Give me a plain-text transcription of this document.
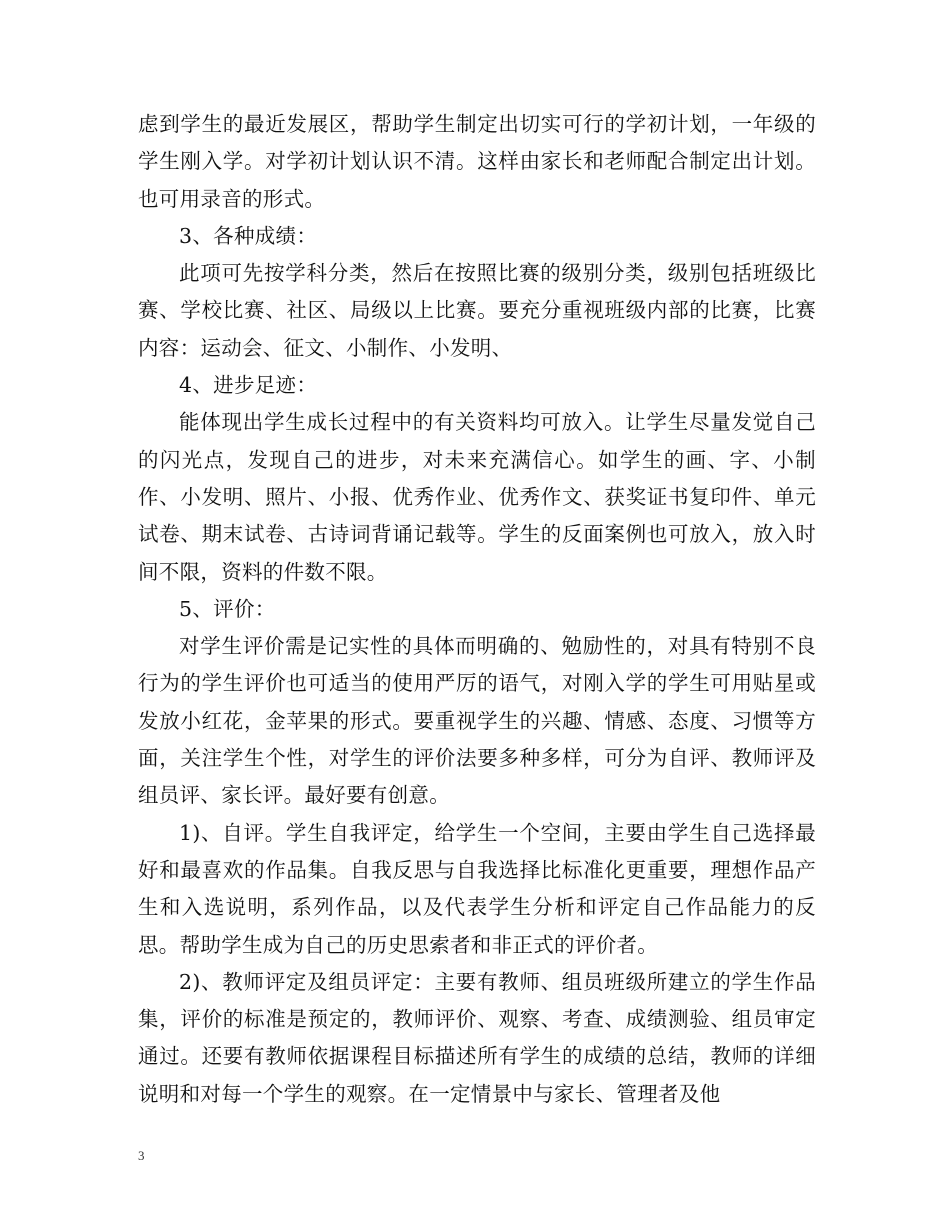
虑到学生的最近发展区，帮助学生制定出切实可行的学初计划，一年级的学生刚入学。对学初计划认识不清。这样由家长和老师配合制定出计划。也可用录音的形式。

3、各种成绩：

此项可先按学科分类，然后在按照比赛的级别分类，级别包括班级比赛、学校比赛、社区、局级以上比赛。要充分重视班级内部的比赛，比赛内容：运动会、征文、小制作、小发明、

4、进步足迹：

能体现出学生成长过程中的有关资料均可放入。让学生尽量发觉自己的闪光点，发现自己的进步，对未来充满信心。如学生的画、字、小制作、小发明、照片、小报、优秀作业、优秀作文、获奖证书复印件、单元试卷、期末试卷、古诗词背诵记载等。学生的反面案例也可放入，放入时间不限，资料的件数不限。

5、评价：

对学生评价需是记实性的具体而明确的、勉励性的，对具有特别不良行为的学生评价也可适当的使用严厉的语气，对刚入学的学生可用贴星或发放小红花，金苹果的形式。要重视学生的兴趣、情感、态度、习惯等方面，关注学生个性，对学生的评价法要多种多样，可分为自评、教师评及组员评、家长评。最好要有创意。

1)、自评。学生自我评定，给学生一个空间，主要由学生自己选择最好和最喜欢的作品集。自我反思与自我选择比标准化更重要，理想作品产生和入选说明，系列作品，以及代表学生分析和评定自己作品能力的反思。帮助学生成为自己的历史思索者和非正式的评价者。

2)、教师评定及组员评定：主要有教师、组员班级所建立的学生作品集，评价的标准是预定的，教师评价、观察、考查、成绩测验、组员审定通过。还要有教师依据课程目标描述所有学生的成绩的总结，教师的详细说明和对每一个学生的观察。在一定情景中与家长、管理者及他

3
